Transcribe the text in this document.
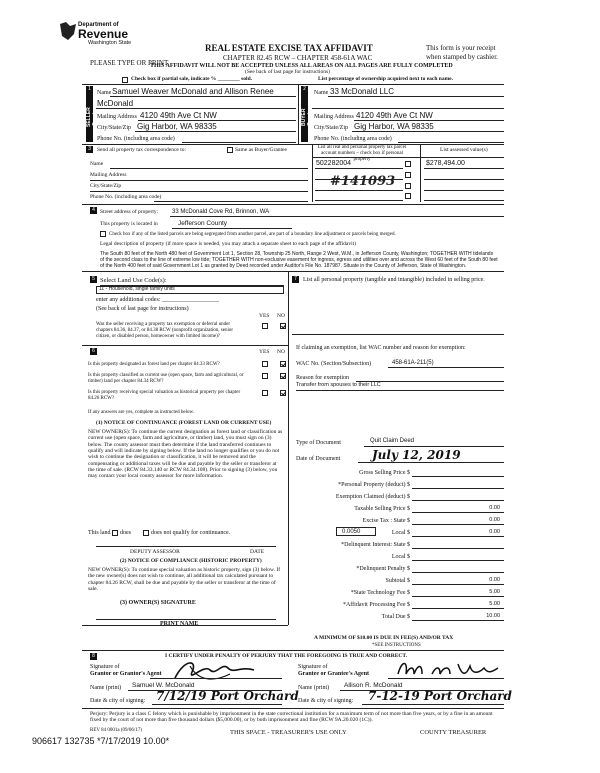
Department of
Revenue
Washington State
PLEASE TYPE OR PRINT
REAL ESTATE EXCISE TAX AFFIDAVIT
CHAPTER 82.45 RCW – CHAPTER 458-61A WAC
THIS AFFIDAVIT WILL NOT BE ACCEPTED UNLESS ALL AREAS ON ALL PAGES ARE FULLY COMPLETED
(See back of last page for instructions)
This form is your receipt
when stamped by cashier.
Check box if partial sale, indicate % ________ sold.	List percentage of ownership acquired next to each name.
SELLER Grantor
1
Name Samuel Weaver McDonald and Allison Renee
McDonald
Mailing Address 4120 49th Ave Ct NW
City/State/Zip Gig Harbor, WA 98335
Phone No. (including area code)
BUYER Grantee
2
Name 33 McDonald LLC
Mailing Address 4120 49th Ave Ct NW
City/State/Zip Gig Harbor, WA 98335
Phone No. (including area code)
3	Send all property tax correspondence to:	Same as Buyer/Grantee	List all real and personal property tax parcel account numbers – check box if personal property
List assessed value(s)
Name
Mailing Address
City/State/Zip
Phone No. (including area code)
502282004
#141093
$278,494.00
4 Street address of property: 33 McDonald Cove Rd, Brinnon, WA
This property is located in	Jefferson County
Check box if any of the listed parcels are being segregated from another parcel, are part of a boundary line adjustment or parcels being merged.
Legal description of property (if more space is needed, you may attach a separate sheet to each page of the affidavit)
The South 80 feet of the North 480 feet of Government Lot 1, Section 28, Township 25 North, Range 2 West, W.M., in Jefferson County, Washington; TOGETHER WITH tidelands of the second class to the line of extreme low tide; TOGETHER WITH non-exclusive easement for ingress, egress and utilities over and across the West 60 feet of the South 80 feet of the North 400 feet of said Government Lot 1 as granted by Deed recorded under Auditor's File No. 187987. Situate in the County of Jefferson, State of Washington.
5 Select Land Use Code(s):
11 - Household, single family units
enter any additional codes: ___________________
(See back of last page for instructions)
YES NO
Was the seller receiving a property tax exemption or deferral under chapters 84.36, 84.37, or 84.38 RCW (nonprofit organization, senior citizen, or disabled person, homeowner with limited income)?
6	YES NO
Is this property designated as forest land per chapter 84.33 RCW?
Is this property classified as current use (open space, farm and agricultural, or timber) land per chapter 84.34 RCW?
Is this property receiving special valuation as historical property per chapter 84.26 RCW?
If any answers are yes, complete as instructed below.
(1) NOTICE OF CONTINUANCE (FOREST LAND OR CURRENT USE)
NEW OWNER(S): To continue the current designation as forest land or classification as current use (open space, farm and agriculture, or timber) land, you must sign on (3) below. The county assessor must then determine if the land transferred continues to qualify and will indicate by signing below. If the land no longer qualifies or you do not wish to continue the designation or classification, it will be removed and the compensating or additional taxes will be due and payable by the seller or transferor at the time of sale. (RCW 84.33.140 or RCW 84.34.108). Prior to signing (3) below, you may contact your local county assessor for more information.
This land does	does not qualify for continuance.
DEPUTY ASSESSOR	DATE
(2) NOTICE OF COMPLIANCE (HISTORIC PROPERTY)
NEW OWNER(S): To continue special valuation as historic property, sign (3) below. If the new owner(s) does not wish to continue, all additional tax calculated pursuant to chapter 84.26 RCW, shall be due and payable by the seller or transferor at the time of sale.
(3) OWNER(S) SIGNATURE
PRINT NAME
7	List all personal property (tangible and intangible) included in selling price.
If claiming an exemption, list WAC number and reason for exemption:
WAC No. (Section/Subsection)	458-61A-211(5)
Reason for exemption
Transfer from spouses to their LLC
Type of Document	Quit Claim Deed
Date of Document	July 12, 2019
Gross Selling Price $
*Personal Property (deduct) $
Exemption Claimed (deduct) $
Taxable Selling Price $	0.00
Excise Tax : State $	0.00
0.0050	Local $	0.00
*Delinquent Interest: State $
Local $
*Delinquent Penalty $
Subtotal $	0.00
*State Technology Fee $	5.00
*Affidavit Processing Fee $	5.00
Total Due $	10.00
A MINIMUM OF $10.00 IS DUE IN FEE(S) AND/OR TAX
*SEE INSTRUCTIONS
8	I CERTIFY UNDER PENALTY OF PERJURY THAT THE FOREGOING IS TRUE AND CORRECT.
Signature of
Grantor or Grantor's Agent
Name (print) Samuel W. McDonald
Date & city of signing: 7/12/19 Port Orchard
Signature of
Grantee or Grantee's Agent
Name (print) Allison R. McDonald
Date & city of signing: 7-12-19 Port Orchard
Perjury: Perjury is a class C felony which is punishable by imprisonment in the state correctional institution for a maximum term of not more than five years, or by a fine in an amount fixed by the court of not more than five thousand dollars ($5,000.00), or by both imprisonment and fine (RCW 9A.20.020 (1C)).
REV 84 0001a (09/06/17)
906617 132735 *7/17/2019 10.00*
THIS SPACE - TREASURER'S USE ONLY	COUNTY TREASURER
